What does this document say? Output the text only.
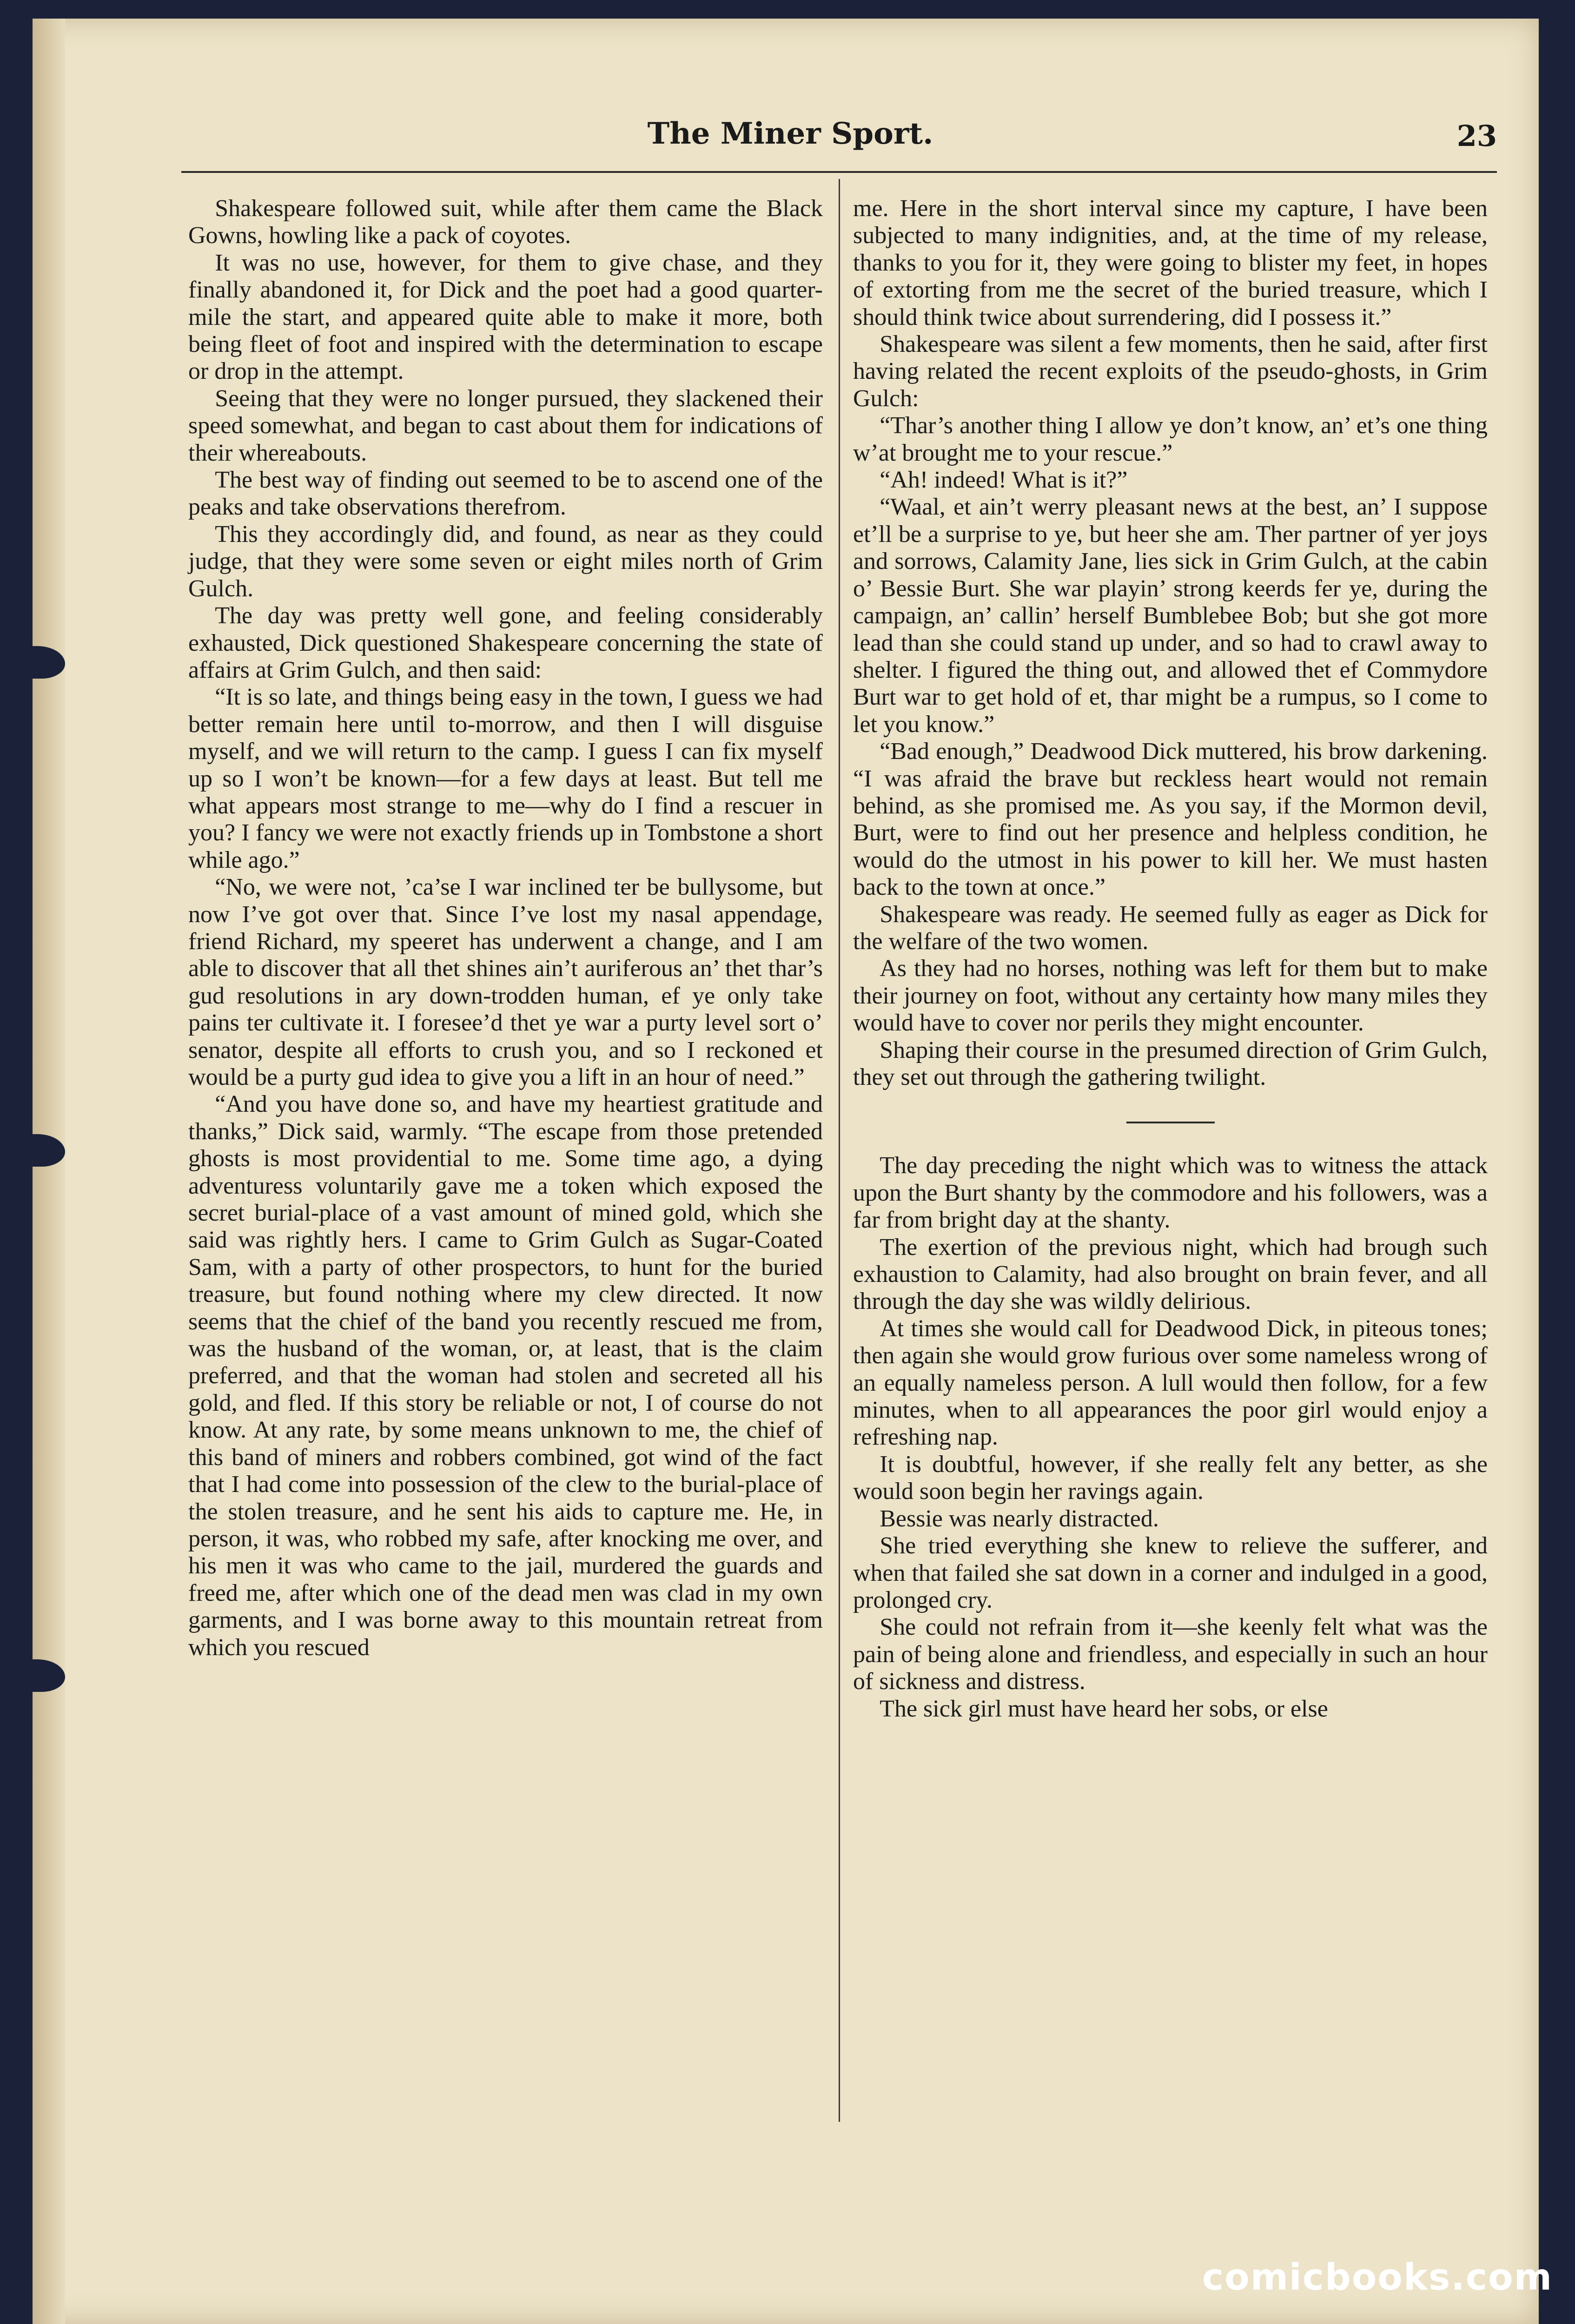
The Miner Sport.	23

Shakespeare followed suit, while after them came the Black Gowns, howling like a pack of coyotes.

It was no use, however, for them to give chase, and they finally abandoned it, for Dick and the poet had a good quarter-mile the start, and appeared quite able to make it more, both being fleet of foot and inspired with the determination to escape or drop in the attempt.

Seeing that they were no longer pursued, they slackened their speed somewhat, and began to cast about them for indications of their whereabouts.

The best way of finding out seemed to be to ascend one of the peaks and take observations therefrom.

This they accordingly did, and found, as near as they could judge, that they were some seven or eight miles north of Grim Gulch.

The day was pretty well gone, and feeling considerably exhausted, Dick questioned Shakespeare concerning the state of affairs at Grim Gulch, and then said:

“It is so late, and things being easy in the town, I guess we had better remain here until to-morrow, and then I will disguise myself, and we will return to the camp. I guess I can fix myself up so I won’t be known—for a few days at least. But tell me what appears most strange to me—why do I find a rescuer in you? I fancy we were not exactly friends up in Tombstone a short while ago.”

“No, we were not, ’ca’se I war inclined ter be bullysome, but now I’ve got over that. Since I’ve lost my nasal appendage, friend Richard, my speeret has underwent a change, and I am able to discover that all thet shines ain’t auriferous an’ thet thar’s gud resolutions in ary down-trodden human, ef ye only take pains ter cultivate it. I foresee’d thet ye war a purty level sort o’ senator, despite all efforts to crush you, and so I reckoned et would be a purty gud idea to give you a lift in an hour of need.”

“And you have done so, and have my heartiest gratitude and thanks,” Dick said, warmly. “The escape from those pretended ghosts is most providential to me. Some time ago, a dying adventuress voluntarily gave me a token which exposed the secret burial-place of a vast amount of mined gold, which she said was rightly hers. I came to Grim Gulch as Sugar-Coated Sam, with a party of other prospectors, to hunt for the buried treasure, but found nothing where my clew directed. It now seems that the chief of the band you recently rescued me from, was the husband of the woman, or, at least, that is the claim preferred, and that the woman had stolen and secreted all his gold, and fled. If this story be reliable or not, I of course do not know. At any rate, by some means unknown to me, the chief of this band of miners and robbers combined, got wind of the fact that I had come into possession of the clew to the burial-place of the stolen treasure, and he sent his aids to capture me. He, in person, it was, who robbed my safe, after knocking me over, and his men it was who came to the jail, murdered the guards and freed me, after which one of the dead men was clad in my own garments, and I was borne away to this mountain retreat from which you rescued

me. Here in the short interval since my capture, I have been subjected to many indignities, and, at the time of my release, thanks to you for it, they were going to blister my feet, in hopes of extorting from me the secret of the buried treasure, which I should think twice about surrendering, did I possess it.”

Shakespeare was silent a few moments, then he said, after first having related the recent exploits of the pseudo-ghosts, in Grim Gulch:

“Thar’s another thing I allow ye don’t know, an’ et’s one thing w’at brought me to your rescue.”

“Ah! indeed! What is it?”

“Waal, et ain’t werry pleasant news at the best, an’ I suppose et’ll be a surprise to ye, but heer she am. Ther partner of yer joys and sorrows, Calamity Jane, lies sick in Grim Gulch, at the cabin o’ Bessie Burt. She war playin’ strong keerds fer ye, during the campaign, an’ callin’ herself Bumblebee Bob; but she got more lead than she could stand up under, and so had to crawl away to shelter. I figured the thing out, and allowed thet ef Commydore Burt war to get hold of et, thar might be a rumpus, so I come to let you know.”

“Bad enough,” Deadwood Dick muttered, his brow darkening. “I was afraid the brave but reckless heart would not remain behind, as she promised me. As you say, if the Mormon devil, Burt, were to find out her presence and helpless condition, he would do the utmost in his power to kill her. We must hasten back to the town at once.”

Shakespeare was ready. He seemed fully as eager as Dick for the welfare of the two women.

As they had no horses, nothing was left for them but to make their journey on foot, without any certainty how many miles they would have to cover nor perils they might encounter.

Shaping their course in the presumed direction of Grim Gulch, they set out through the gathering twilight.

The day preceding the night which was to witness the attack upon the Burt shanty by the commodore and his followers, was a far from bright day at the shanty.

The exertion of the previous night, which had brough such exhaustion to Calamity, had also brought on brain fever, and all through the day she was wildly delirious.

At times she would call for Deadwood Dick, in piteous tones; then again she would grow furious over some nameless wrong of an equally nameless person. A lull would then follow, for a few minutes, when to all appearances the poor girl would enjoy a refreshing nap.

It is doubtful, however, if she really felt any better, as she would soon begin her ravings again.

Bessie was nearly distracted.

She tried everything she knew to relieve the sufferer, and when that failed she sat down in a corner and indulged in a good, prolonged cry.

She could not refrain from it—she keenly felt what was the pain of being alone and friendless, and especially in such an hour of sickness and distress.

The sick girl must have heard her sobs, or else

comicbooks.com
